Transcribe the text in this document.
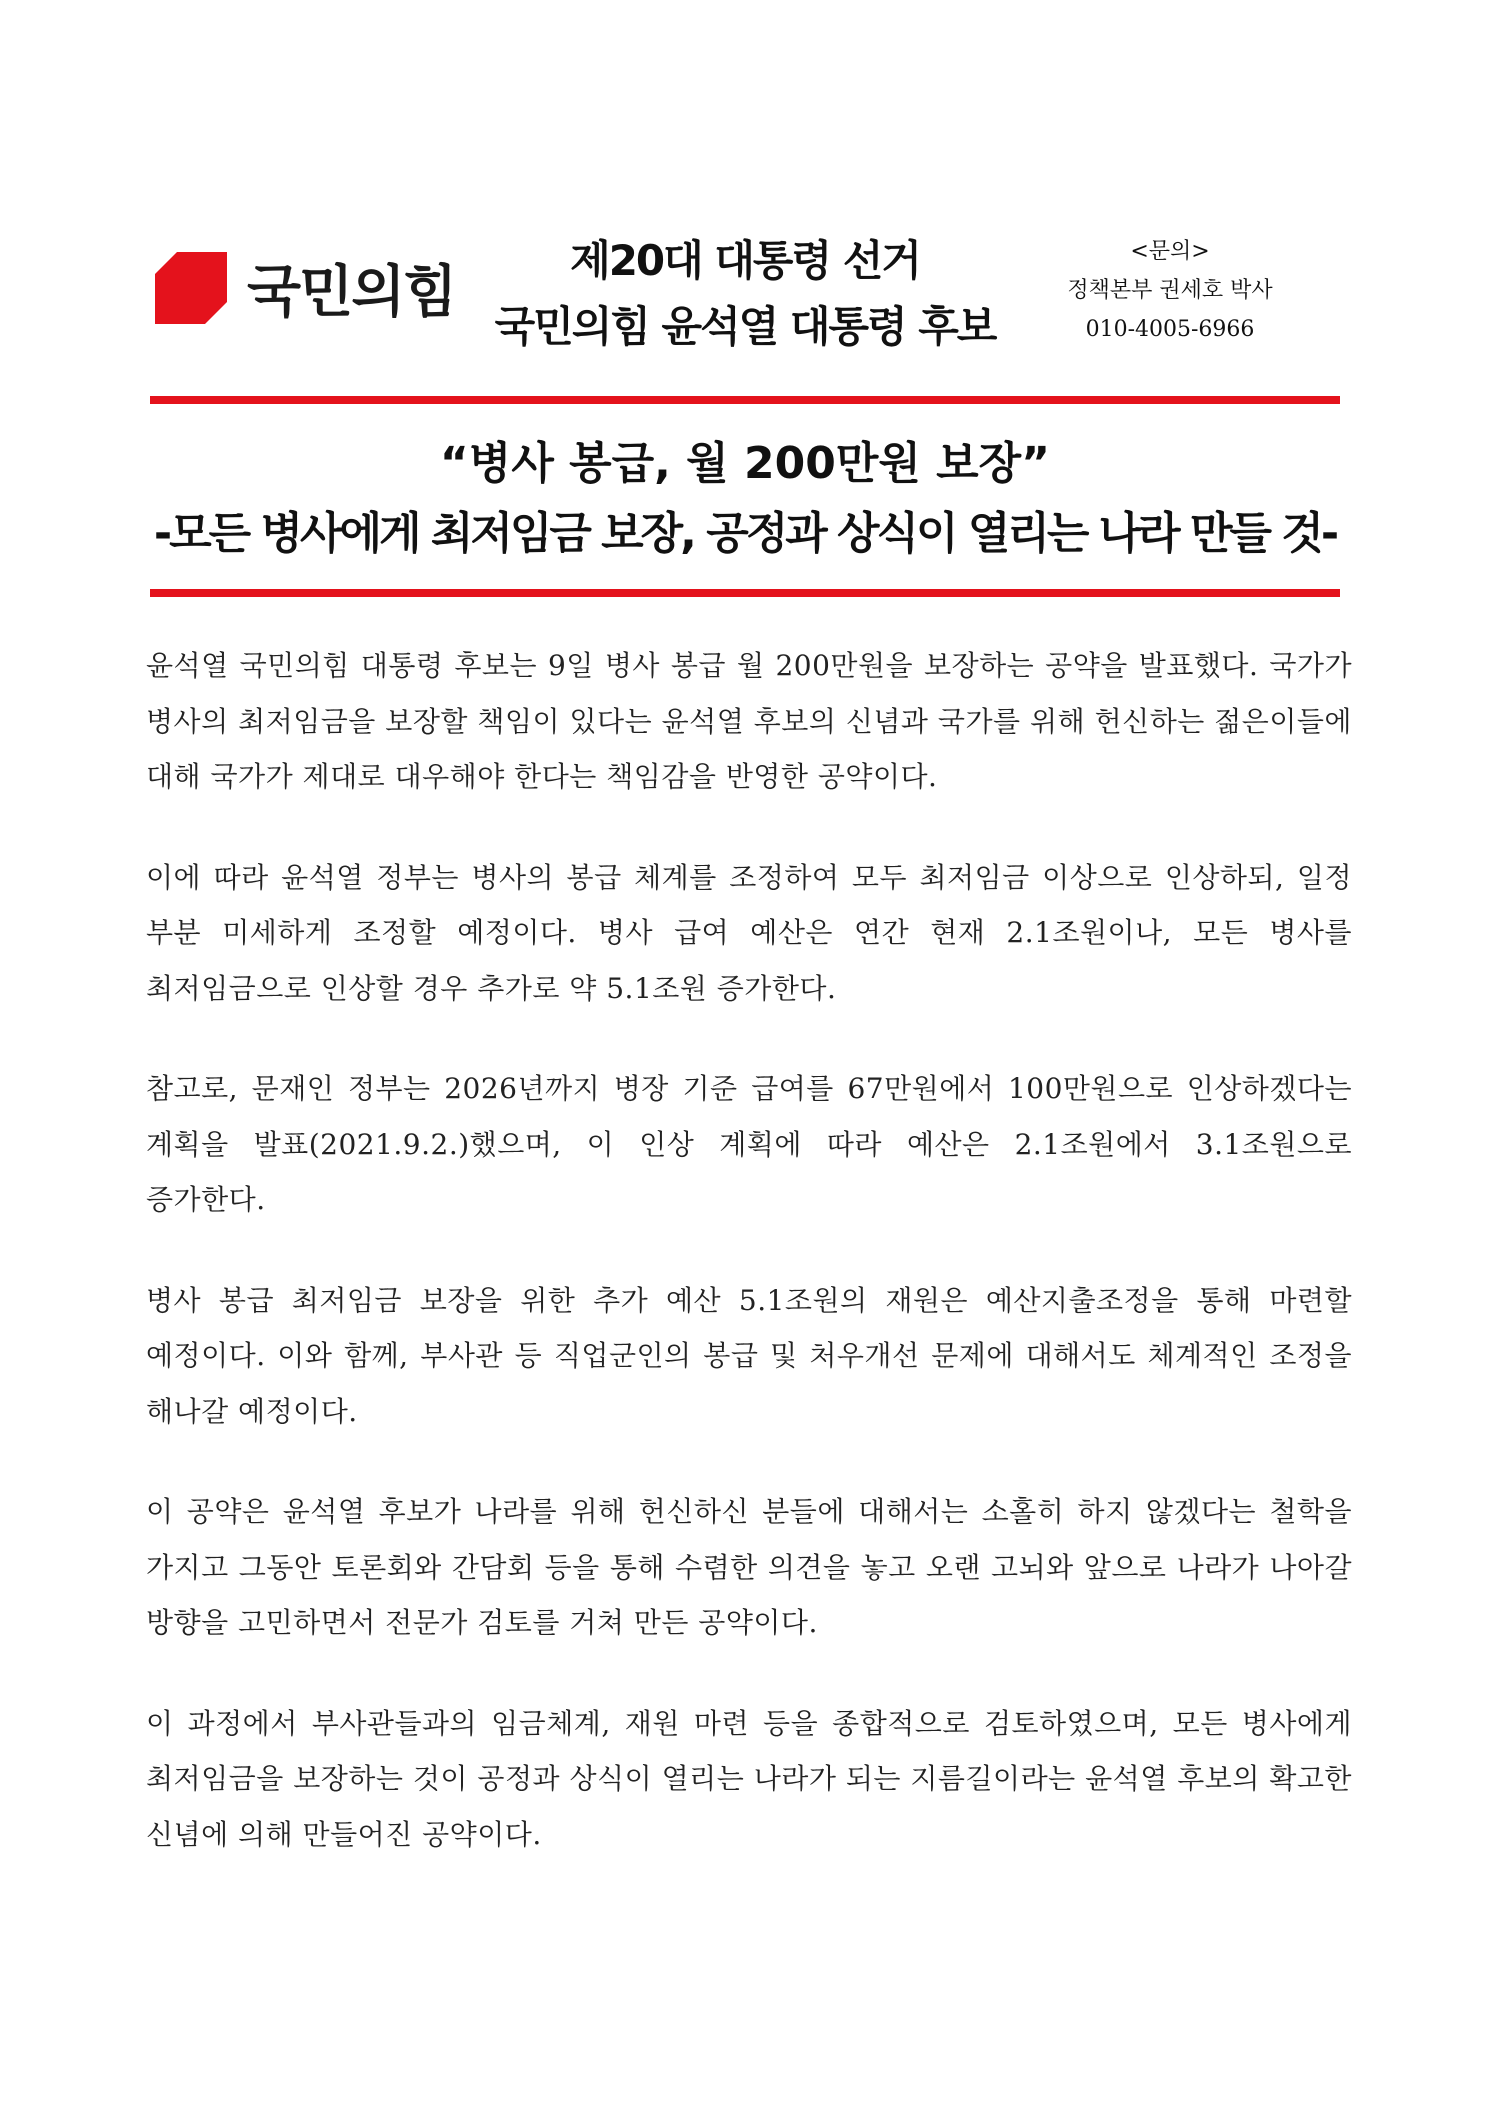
국민의힘	제20대 대통령 선거
국민의힘 윤석열 대통령 후보
<문의>
정책본부 권세호 박사
010-4005-6966
“병사 봉급, 월 200만원 보장”
-모든 병사에게 최저임금 보장, 공정과 상식이 열리는 나라 만들 것-

윤석열 국민의힘 대통령 후보는 9일 병사 봉급 월 200만원을 보장하는 공약을 발표했다. 국가가 병사의 최저임금을 보장할 책임이 있다는 윤석열 후보의 신념과 국가를 위해 헌신하는 젊은이들에 대해 국가가 제대로 대우해야 한다는 책임감을 반영한 공약이다.

이에 따라 윤석열 정부는 병사의 봉급 체계를 조정하여 모두 최저임금 이상으로 인상하되, 일정 부분 미세하게 조정할 예정이다. 병사 급여 예산은 연간 현재 2.1조원이나, 모든 병사를 최저임금으로 인상할 경우 추가로 약 5.1조원 증가한다.

참고로, 문재인 정부는 2026년까지 병장 기준 급여를 67만원에서 100만원으로 인상하겠다는 계획을 발표(2021.9.2.)했으며, 이 인상 계획에 따라 예산은 2.1조원에서 3.1조원으로 증가한다.

병사 봉급 최저임금 보장을 위한 추가 예산 5.1조원의 재원은 예산지출조정을 통해 마련할 예정이다. 이와 함께, 부사관 등 직업군인의 봉급 및 처우개선 문제에 대해서도 체계적인 조정을 해나갈 예정이다.

이 공약은 윤석열 후보가 나라를 위해 헌신하신 분들에 대해서는 소홀히 하지 않겠다는 철학을 가지고 그동안 토론회와 간담회 등을 통해 수렴한 의견을 놓고 오랜 고뇌와 앞으로 나라가 나아갈 방향을 고민하면서 전문가 검토를 거쳐 만든 공약이다.

이 과정에서 부사관들과의 임금체계, 재원 마련 등을 종합적으로 검토하였으며, 모든 병사에게 최저임금을 보장하는 것이 공정과 상식이 열리는 나라가 되는 지름길이라는 윤석열 후보의 확고한 신념에 의해 만들어진 공약이다.
